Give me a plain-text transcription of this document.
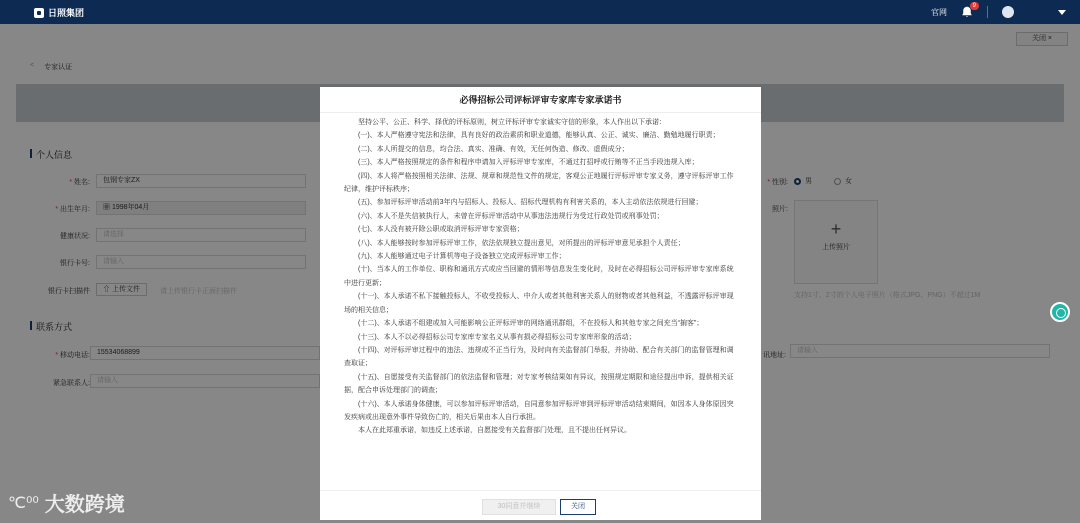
日照集团	官网
9
关闭 ×
< 专家认证
个人信息
* 姓名:	包钢专家ZX
* 出生年月:	▦ 1998年04月
健康状况:	请选择
银行卡号:	请输入
银行卡扫描件	⇧ 上传文件	请上传银行卡正面扫描件
联系方式
* 移动电话:	15534068899
紧急联系人:	请输入
* 性别: 男	女
照片:
+
上传照片
支持1寸、2寸的个人电子照片（格式JPG、PNG）不超过1M
讯地址:
请输入
必得招标公司评标评审专家库专家承诺书

坚持公平、公正、科学、择优的评标原则，树立评标评审专家诚实守信的形象，本人作出以下承诺：

(一)、本人严格遵守宪法和法律，具有良好的政治素质和职业道德，能够认真、公正、诚实、廉洁、勤勉地履行职责；

(二)、本人所提交的信息，均合法、真实、准确、有效，无任何伪造、修改、虚假成分；

(三)、本人严格按照规定的条件和程序申请加入评标评审专家库，不通过打招呼或行贿等不正当手段违规入库；

(四)、本人将严格按照相关法律、法规、规章和规范性文件的规定，客观公正地履行评标评审专家义务，遵守评标评审工作纪律，维护评标秩序；

(五)、参加评标评审活动前3年内与招标人、投标人、招标代理机构有利害关系的，本人主动依法依规进行回避；

(六)、本人不是失信被执行人，未曾在评标评审活动中从事违法违规行为受过行政处罚或刑事处罚；

(七)、本人没有被开除公职或取消评标评审专家资格；

(八)、本人能够按时参加评标评审工作，依法依规独立提出意见，对所提出的评标评审意见承担个人责任；

(九)、本人能够通过电子计算机等电子设备独立完成评标评审工作；

(十)、当本人的工作单位、职称和通讯方式或应当回避的情形等信息发生变化时，及时在必得招标公司评标评审专家库系统中进行更新；

(十一)、本人承诺不私下接触投标人，不收受投标人、中介人或者其他利害关系人的财物或者其他利益，不透露评标评审现场的相关信息；

(十二)、本人承诺不组建或加入可能影响公正评标评审的网络通讯群组，不在投标人和其他专家之间充当“掮客”；

(十三)、本人不以必得招标公司专家库专家名义从事有损必得招标公司专家库形象的活动；

(十四)、对评标评审过程中的违法、违规或不正当行为，及时向有关监督部门举报，并协助、配合有关部门的监督管理和调查取证；

(十五)、自愿接受有关监督部门的依法监督和管理；对专家考核结果如有异议，按照规定期限和途径提出申诉，提供相关证据，配合申诉处理部门的调查；

(十六)、本人承诺身体健康，可以参加评标评审活动，自同意参加评标评审到评标评审活动结束期间，如因本人身体原因突发疾病或出现意外事件导致伤亡的，相关后果由本人自行承担。

本人在此郑重承诺，如违反上述承诺，自愿接受有关监督部门处理，且不提出任何异议。

30同意并继续	关闭
℃⁰⁰ 大数跨境
